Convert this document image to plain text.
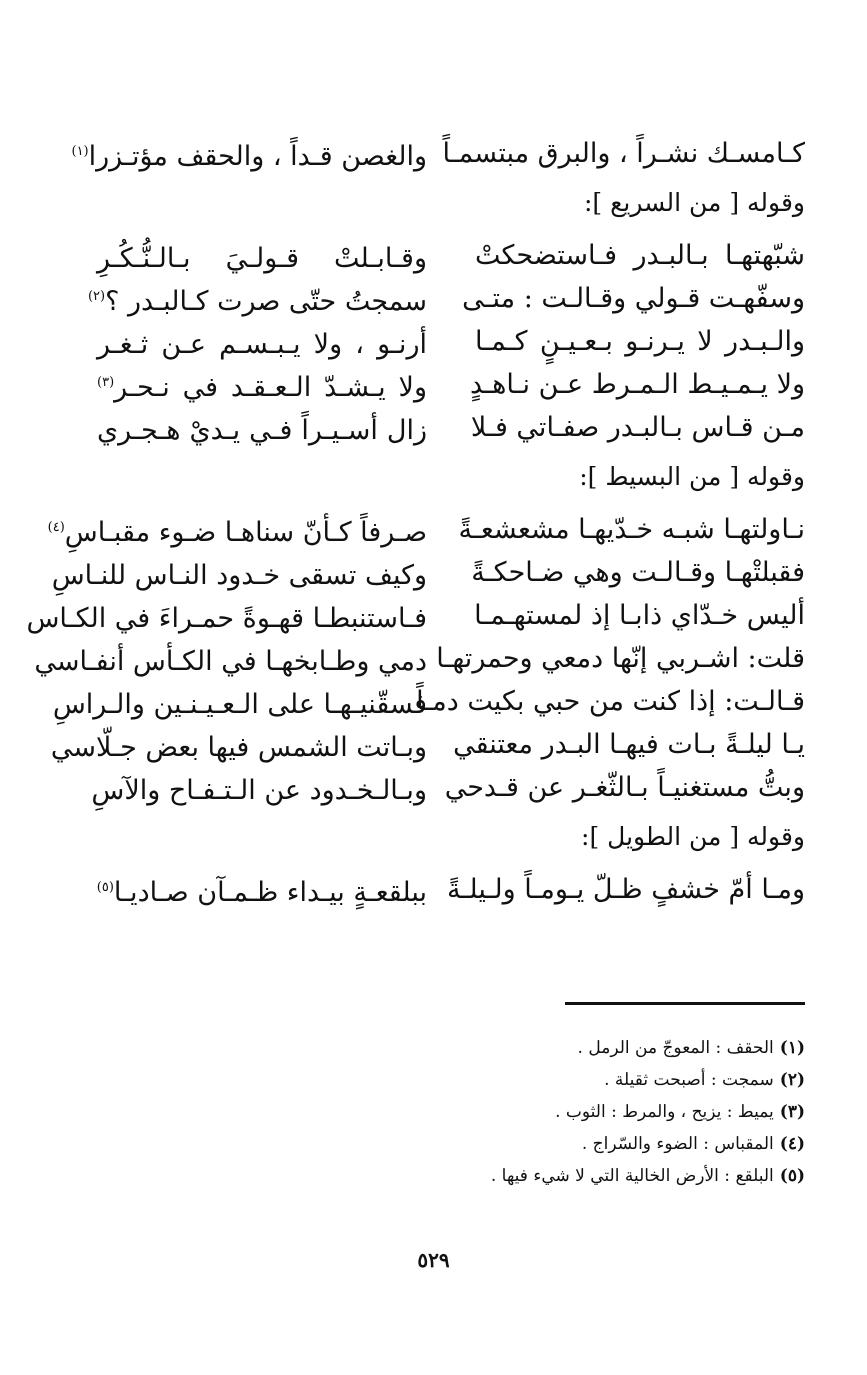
كـامسـك نشـراً ، والبرق مبتسمـاً
والغصن قـداً ، والحقف مؤتـزرا$^{(١)}$
وقوله [ من السريع ]:
شبّهتهـا بـالبـدر فـاستضحكتْ
وقـابـلتْ قـولـيَ بـالـنُّـكُـرِ
وسفّهـت قـولي وقـالـت : متـى
سمجتُ حتّى صرت كـالبـدر ؟$^{(٢)}$
والـبـدر لا يـرنـو بـعـيـنٍ كـمـا
أرنـو ، ولا يـبـسـم عـن ثـغـر
ولا يـمـيـط الـمـرط عـن نـاهـدٍ
ولا يـشـدّ الـعـقـد في نـحـر$^{(٣)}$
مـن قـاس بـالبـدر صفـاتي فـلا
زال أسـيـراً فـي يـديْ هـجـري
وقوله [ من البسيط ]:
نـاولتهـا شبـه خـدّيهـا مشعشعـةً
صـرفاً كـأنّ سناهـا ضـوء مقبـاسِ$^{(٤)}$
فقبلتْهـا وقـالـت وهي ضـاحكـةً
وكيف تسقى خـدود النـاس للنـاسِ
أليس خـدّاي ذابـا إذ لمستهـمـا
فـاستنبطـا قهـوةً حمـراءَ في الكـاس
قلت: اشـربي إنّها دمعي وحمرتهـا
دمي وطـابخهـا في الكـأس أنفـاسي
قـالـت: إذا كنت من حبي بكيت دمـاً
فسقّنيـهـا على الـعـيـنـين والـراسِ
يـا ليلـةً بـات فيهـا البـدر معتنقي
وبـاتت الشمس فيها بعض جـلّاسي
وبتُّ مستغنيـاً بـالثّغـر عن قـدحي
وبـالـخـدود عن الـتـفـاح والآسِ
وقوله [ من الطويل ]:
ومـا أمّ خشفٍ ظـلّ يـومـاً ولـيلـةً
ببلقعـةٍ بيـداء ظـمـآن صـاديـا$^{(٥)}$
(١)الحقف : المعوجّ من الرمل .
(٢)سمجت : أصبحت ثقيلة .
(٣)يميط : يزيح ، والمرط : الثوب .
(٤)المقباس : الضوء والسّراج .
(٥)البلقع : الأرض الخالية التي لا شيء فيها .
٥٢٩
